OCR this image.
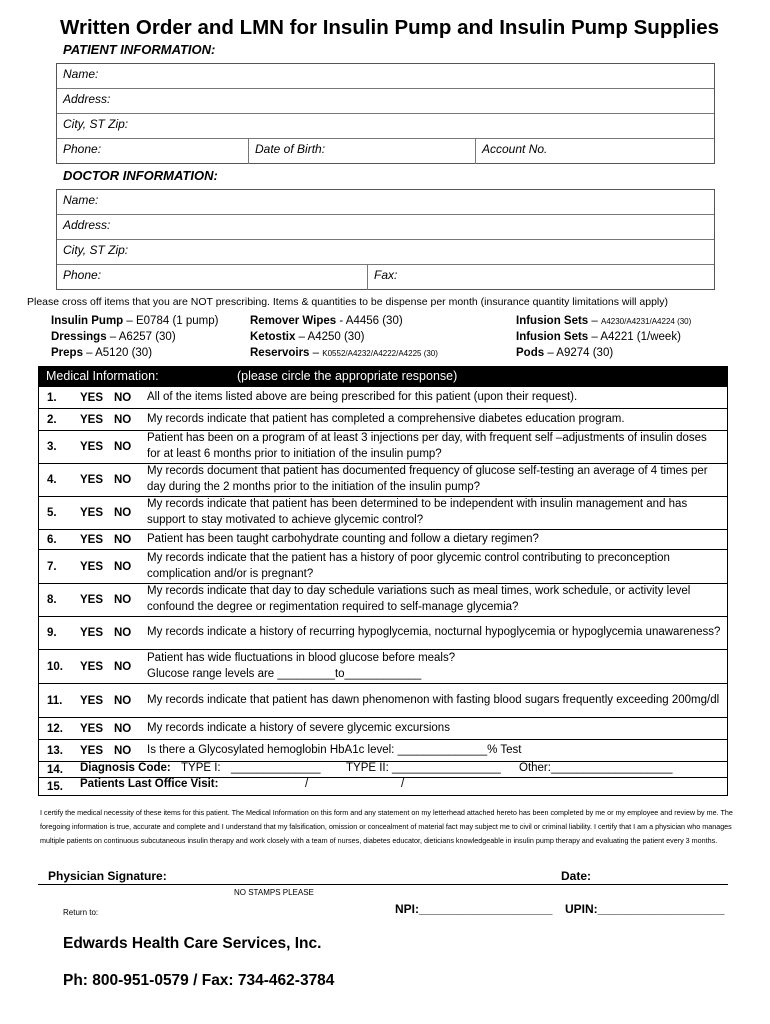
Written Order and LMN for Insulin Pump and Insulin Pump Supplies
PATIENT INFORMATION:
Name:
Address:
City, ST Zip:
Phone:	Date of Birth:	Account No.
DOCTOR INFORMATION:
Name:
Address:
City, ST Zip:
Phone:	Fax:
Please cross off items that you are NOT prescribing. Items & quantities to be dispense per month (insurance quantity limitations will apply)
Insulin Pump – E0784 (1 pump)
Dressings – A6257 (30)
Preps – A5120 (30)
Remover Wipes - A4456 (30)
Ketostix – A4250 (30)
Reservoirs – K0552/A4232/A4222/A4225 (30)
Infusion Sets – A4230/A4231/A4224 (30)
Infusion Sets – A4221 (1/week)
Pods – A9274 (30)
Medical Information:	(please circle the appropriate response)
1. YES NO All of the items listed above are being prescribed for this patient (upon their request).
2. YES NO My records indicate that patient has completed a comprehensive diabetes education program.
3. YES NO
Patient has been on a program of at least 3 injections per day, with frequent self –adjustments of insulin doses for at least 6 months prior to initiation of the insulin pump?
4. YES NO
My records document that patient has documented frequency of glucose self-testing an average of 4 times per day during the 2 months prior to the initiation of the insulin pump?
5. YES NO
My records indicate that patient has been determined to be independent with insulin management and has support to stay motivated to achieve glycemic control?
6. YES NO Patient has been taught carbohydrate counting and follow a dietary regimen?
7. YES NO
My records indicate that the patient has a history of poor glycemic control contributing to preconception complication and/or is pregnant?
8. YES NO
My records indicate that day to day schedule variations such as meal times, work schedule, or activity level confound the degree or regimentation required to self-manage glycemia?
9. YES NO My records indicate a history of recurring hypoglycemia, nocturnal hypoglycemia or hypoglycemia unawareness?
10. YES NO
Patient has wide fluctuations in blood glucose before meals?
Glucose range levels are _________to____________
11. YES NO My records indicate that patient has dawn phenomenon with fasting blood sugars frequently exceeding 200mg/dl
12. YES NO My records indicate a history of severe glycemic excursions
13. YES NO Is there a Glycosylated hemoglobin HbA1c level: ______________% Test
14. Diagnosis Code: TYPE I: ______________ TYPE II: _________________ Other:___________________
15. Patients Last Office Visit:	/	/
I certify the medical necessity of these items for this patient. The Medical Information on this form and any statement on my letterhead attached hereto has been completed by me or my employee and review by me. The foregoing information is true, accurate and complete and I understand that my falsification, omission or concealment of material fact may subject me to civil or criminal liability. I certify that I am a physician who manages multiple patients on continuous subcutaneous insulin therapy and work closely with a team of nurses, diabetes educator, dieticians knowledgeable in insulin pump therapy and evaluating the patient every 3 months.
Physician Signature:	Date:
NO STAMPS PLEASE
Return to:	NPI:____________________ UPIN:___________________
Edwards Health Care Services, Inc.
Ph: 800-951-0579 / Fax: 734-462-3784
